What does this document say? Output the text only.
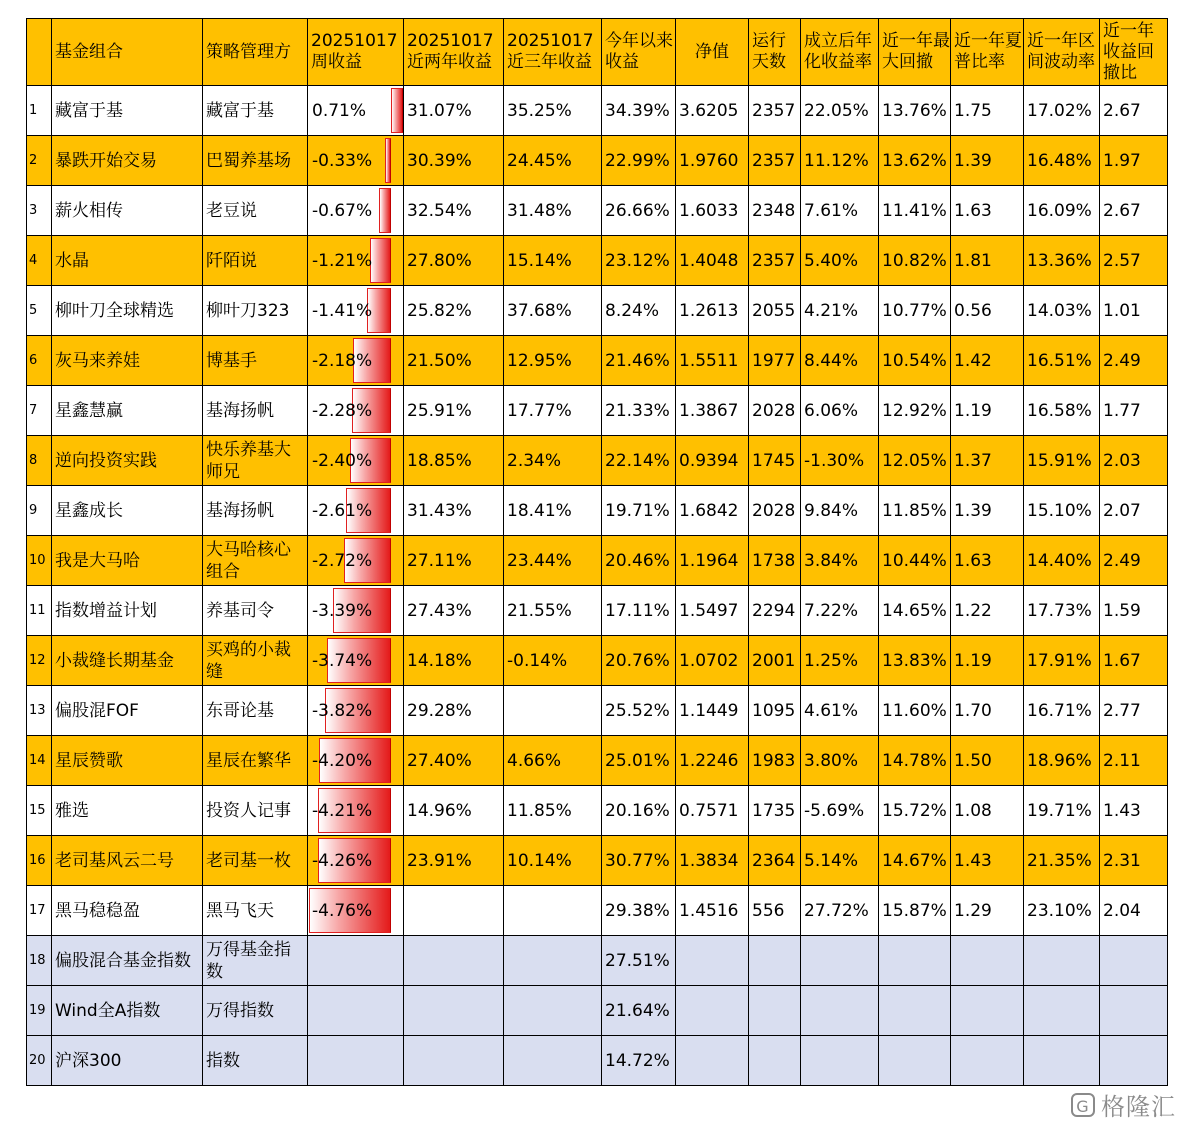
	基金组合	策略管理方	20251017周收益	20251017近两年收益	20251017近三年收益	今年以来收益	净值	运行天数	成立后年化收益率	近一年最大回撤	近一年夏普比率	近一年区间波动率	近一年收益回撤比
1	藏富于基	藏富于基	0.71%	31.07%	35.25%	34.39%	3.6205	2357	22.05%	13.76%	1.75	17.02%	2.67
2	暴跌开始交易	巴蜀养基场	-0.33%	30.39%	24.45%	22.99%	1.9760	2357	11.12%	13.62%	1.39	16.48%	1.97
3	薪火相传	老豆说	-0.67%	32.54%	31.48%	26.66%	1.6033	2348	7.61%	11.41%	1.63	16.09%	2.67
4	水晶	阡陌说	-1.21%	27.80%	15.14%	23.12%	1.4048	2357	5.40%	10.82%	1.81	13.36%	2.57
5	柳叶刀全球精选	柳叶刀323	-1.41%	25.82%	37.68%	8.24%	1.2613	2055	4.21%	10.77%	0.56	14.03%	1.01
6	灰马来养娃	博基手	-2.18%	21.50%	12.95%	21.46%	1.5511	1977	8.44%	10.54%	1.42	16.51%	2.49
7	星鑫慧赢	基海扬帆	-2.28%	25.91%	17.77%	21.33%	1.3867	2028	6.06%	12.92%	1.19	16.58%	1.77
8	逆向投资实践	快乐养基大师兄	-2.40%	18.85%	2.34%	22.14%	0.9394	1745	-1.30%	12.05%	1.37	15.91%	2.03
9	星鑫成长	基海扬帆	-2.61%	31.43%	18.41%	19.71%	1.6842	2028	9.84%	11.85%	1.39	15.10%	2.07
10	我是大马哈	大马哈核心组合	-2.72%	27.11%	23.44%	20.46%	1.1964	1738	3.84%	10.44%	1.63	14.40%	2.49
11	指数增益计划	养基司令	-3.39%	27.43%	21.55%	17.11%	1.5497	2294	7.22%	14.65%	1.22	17.73%	1.59
12	小裁缝长期基金	买鸡的小裁缝	-3.74%	14.18%	-0.14%	20.76%	1.0702	2001	1.25%	13.83%	1.19	17.91%	1.67
13	偏股混FOF	东哥论基	-3.82%	29.28%		25.52%	1.1449	1095	4.61%	11.60%	1.70	16.71%	2.77
14	星辰赞歌	星辰在繁华	-4.20%	27.40%	4.66%	25.01%	1.2246	1983	3.80%	14.78%	1.50	18.96%	2.11
15	雅选	投资人记事	-4.21%	14.96%	11.85%	20.16%	0.7571	1735	-5.69%	15.72%	1.08	19.71%	1.43
16	老司基风云二号	老司基一枚	-4.26%	23.91%	10.14%	30.77%	1.3834	2364	5.14%	14.67%	1.43	21.35%	2.31
17	黑马稳稳盈	黑马飞天	-4.76%			29.38%	1.4516	556	27.72%	15.87%	1.29	23.10%	2.04
18	偏股混合基金指数	万得基金指数				27.51%							
19	Wind全A指数	万得指数				21.64%							
20	沪深300	指数				14.72%							
G 格隆汇
